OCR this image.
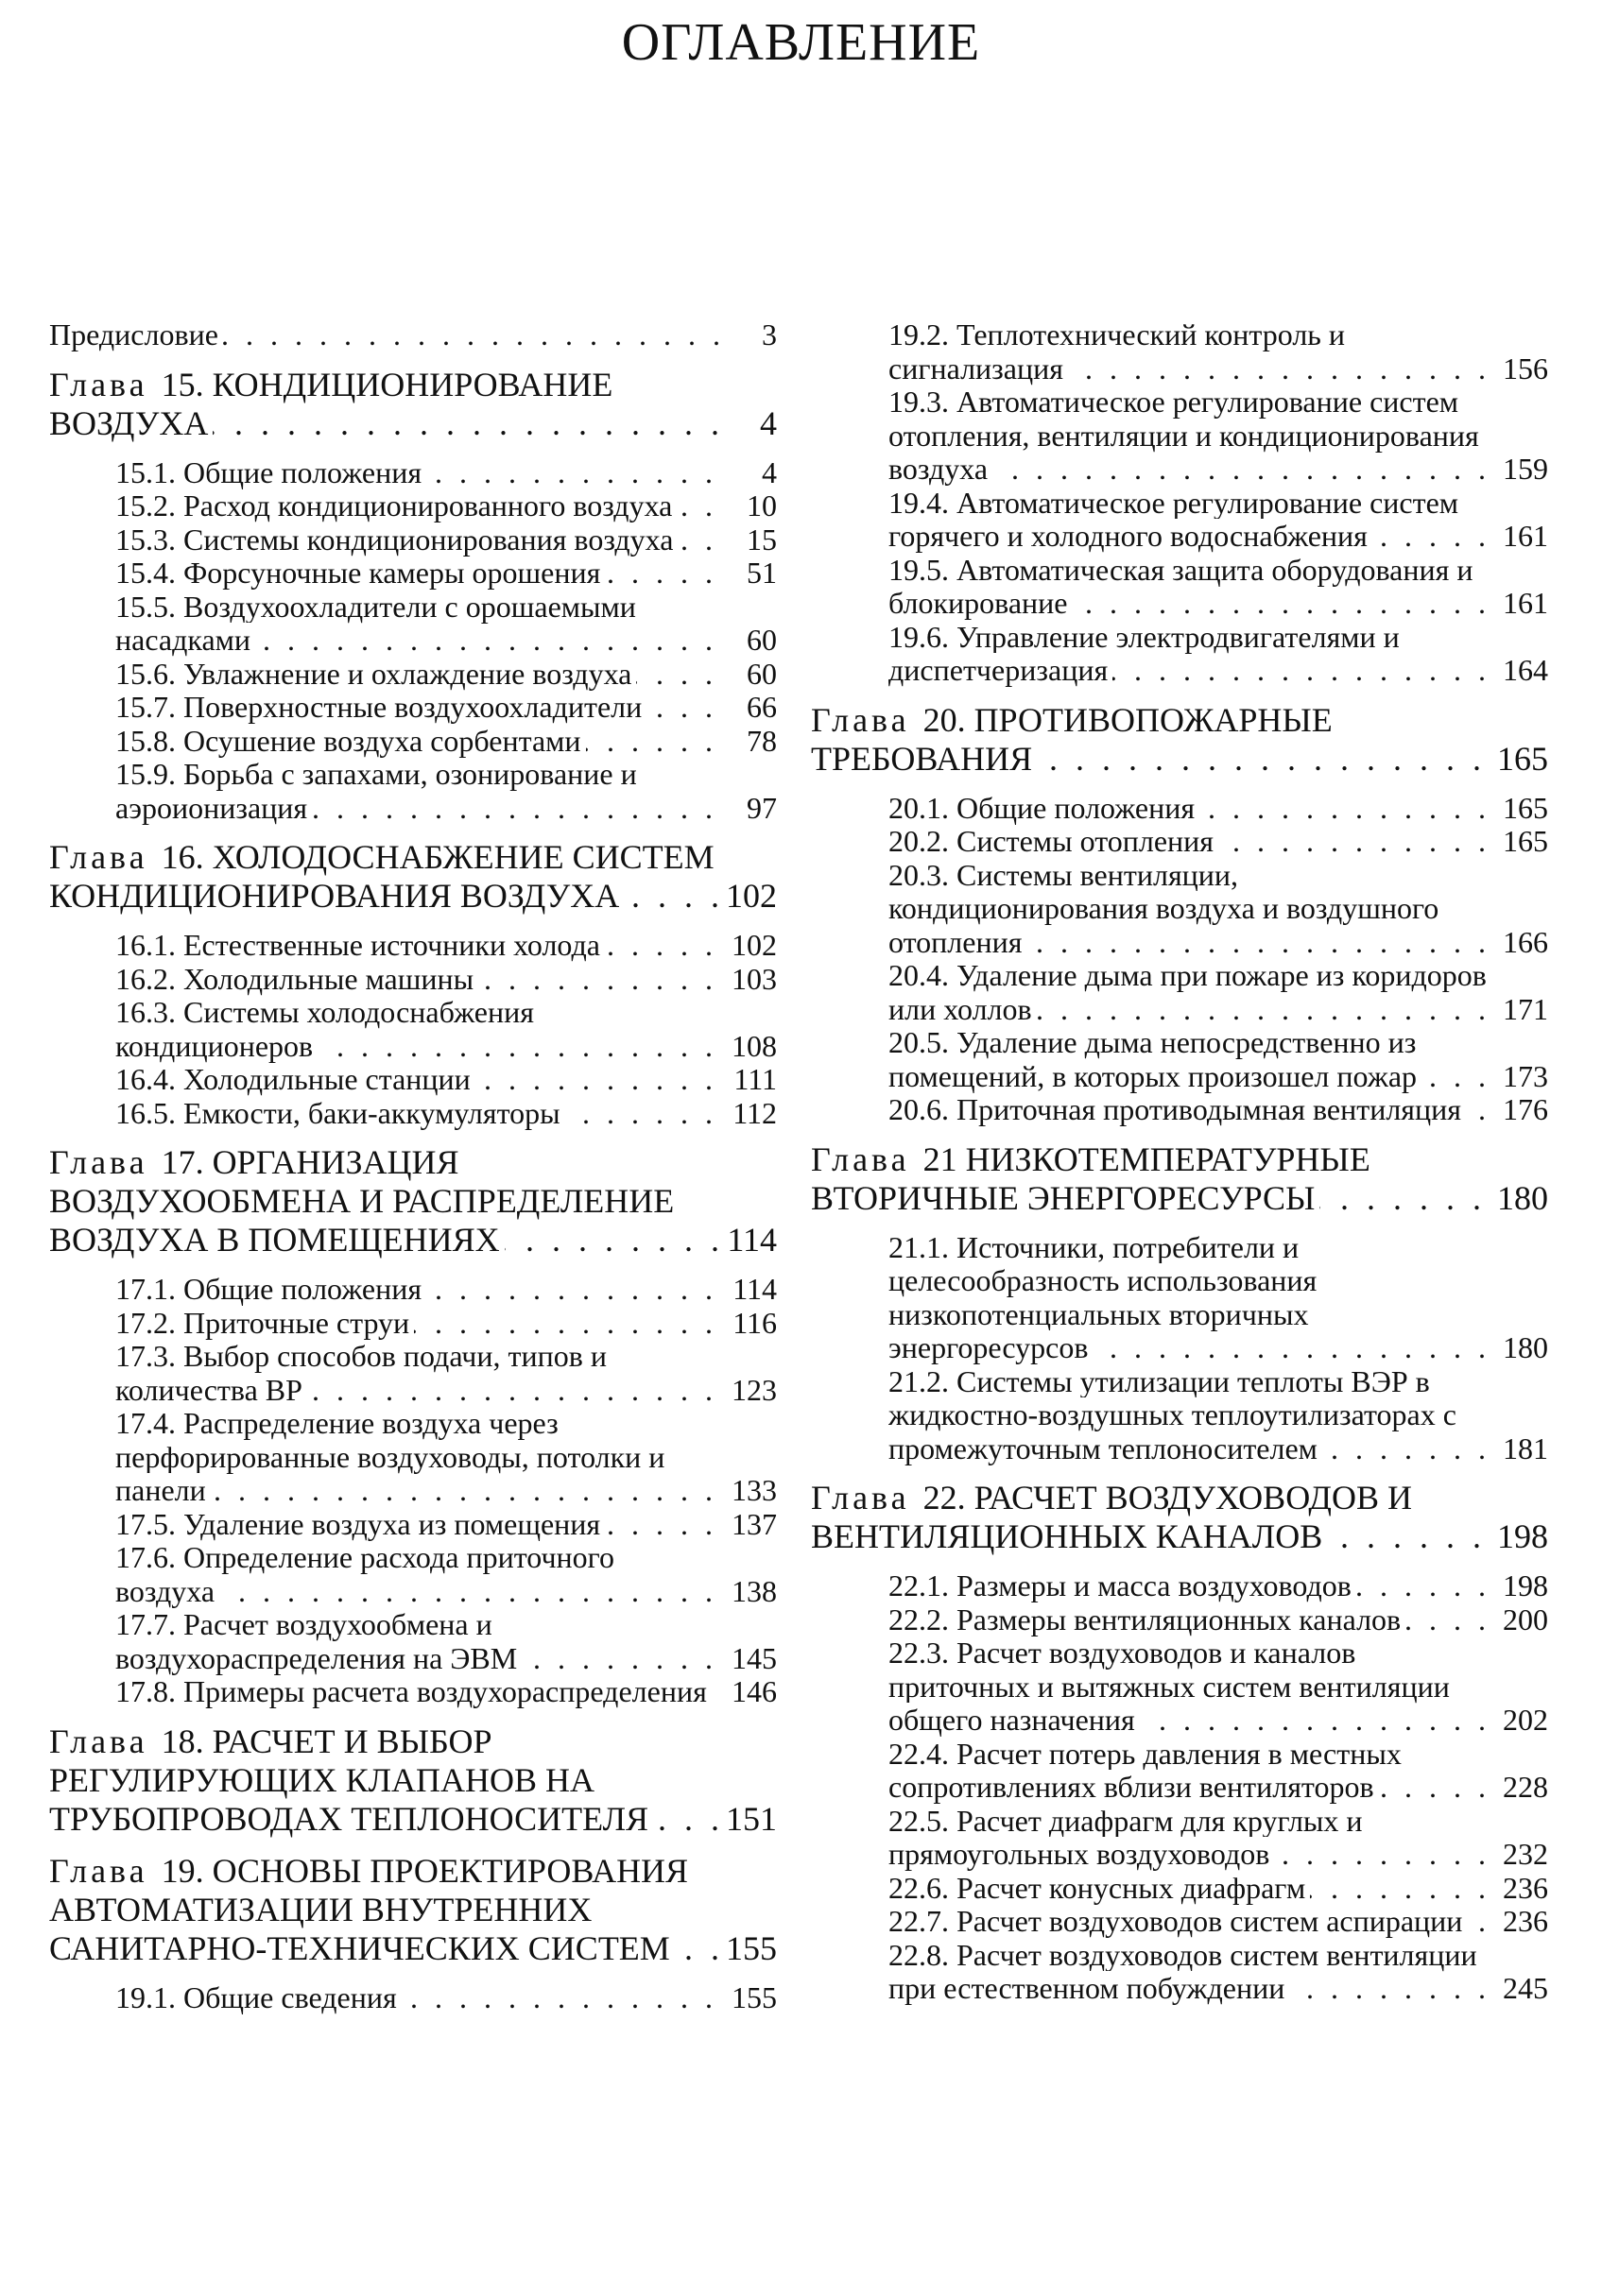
ОГЛАВЛЕНИЕ
Предисловие . . .	3
Глава 15. КОНДИЦИОНИРОВАНИЕ ВОЗДУХА . . .	4
15.1. Общие положения . . .	4
15.2. Расход кондиционированного воздуха . . .	10
15.3. Системы кондиционирования воздуха . . .	15
15.4. Форсуночные камеры орошения . . .	51
15.5. Воздухоохладители с орошаемыми насадками . . .	60
15.6. Увлажнение и охлаждение воздуха . . .	60
15.7. Поверхностные воздухоохладители . . .	66
15.8. Осушение воздуха сорбентами . . .	78
15.9. Борьба с запахами, озонирование и аэроионизация . . .	97
Глава 16. ХОЛОДОСНАБЖЕНИЕ СИСТЕМ КОНДИЦИОНИРОВАНИЯ ВОЗДУХА . . .	102
16.1. Естественные источники холода . . .	102
16.2. Холодильные машины . . .	103
16.3. Системы холодоснабжения кондиционеров . . .	108
16.4. Холодильные станции . . .	111
16.5. Емкости, баки-аккумуляторы . . .	112
Глава 17. ОРГАНИЗАЦИЯ ВОЗДУХООБМЕНА И РАСПРЕДЕЛЕНИЕ ВОЗДУХА В ПОМЕЩЕНИЯХ . . .	114
17.1. Общие положения . . .	114
17.2. Приточные струи . . .	116
17.3. Выбор способов подачи, типов и количества ВР . . .	123
17.4. Распределение воздуха через перфорированные воздуховоды, потолки и панели . . .	133
17.5. Удаление воздуха из помещения . . .	137
17.6. Определение расхода приточного воздуха . . .	138
17.7. Расчет воздухообмена и воздухораспределения на ЭВМ . . .	145
17.8. Примеры расчета воздухораспределения . . . 146
Глава 18. РАСЧЕТ И ВЫБОР РЕГУЛИРУЮЩИХ КЛАПАНОВ НА ТРУБОПРОВОДАХ ТЕПЛОНОСИТЕЛЯ . . .	151
Глава 19. ОСНОВЫ ПРОЕКТИРОВАНИЯ АВТОМАТИЗАЦИИ ВНУТРЕННИХ САНИТАРНО-ТЕХНИЧЕСКИХ СИСТЕМ . . .	155
19.1. Общие сведения . . .	155
19.2. Теплотехнический контроль и сигнализация . . .	156
19.3. Автоматическое регулирование систем отопления, вентиляции и кондиционирования воздуха . . .	159
19.4. Автоматическое регулирование систем горячего и холодного водоснабжения . . .	161
19.5. Автоматическая защита оборудования и блокирование . . .	161
19.6. Управление электродвигателями и диспетчеризация . . .	164
Глава 20. ПРОТИВОПОЖАРНЫЕ ТРЕБОВАНИЯ . . .	165
20.1. Общие положения . . .	165
20.2. Системы отопления . . .	165
20.3. Системы вентиляции, кондиционирования воздуха и воздушного отопления . . .	166
20.4. Удаление дыма при пожаре из коридоров или холлов . . .	171
20.5. Удаление дыма непосредственно из помещений, в которых произошел пожар . . .	173
20.6. Приточная противодымная вентиляция . . .	176
Глава 21 НИЗКОТЕМПЕРАТУРНЫЕ ВТОРИЧНЫЕ ЭНЕРГОРЕСУРСЫ . . .	180
21.1. Источники, потребители и целесообразность использования низкопотенциальных вторичных энергоресурсов . . .	180
21.2. Системы утилизации теплоты ВЭР в жидкостно-воздушных теплоутилизаторах с промежуточным теплоносителем . . .	181
Глава 22. РАСЧЕТ ВОЗДУХОВОДОВ И ВЕНТИЛЯЦИОННЫХ КАНАЛОВ . . .	198
22.1. Размеры и масса воздуховодов . . .	198
22.2. Размеры вентиляционных каналов . . .	200
22.3. Расчет воздуховодов и каналов приточных и вытяжных систем вентиляции общего назначения . . .	202
22.4. Расчет потерь давления в местных сопротивлениях вблизи вентиляторов . . .	228
22.5. Расчет диафрагм для круглых и прямоугольных воздуховодов . . .	232
22.6. Расчет конусных диафрагм . . .	236
22.7. Расчет воздуховодов систем аспирации . . .	236
22.8. Расчет воздуховодов систем вентиляции при естественном побуждении . . .	245
